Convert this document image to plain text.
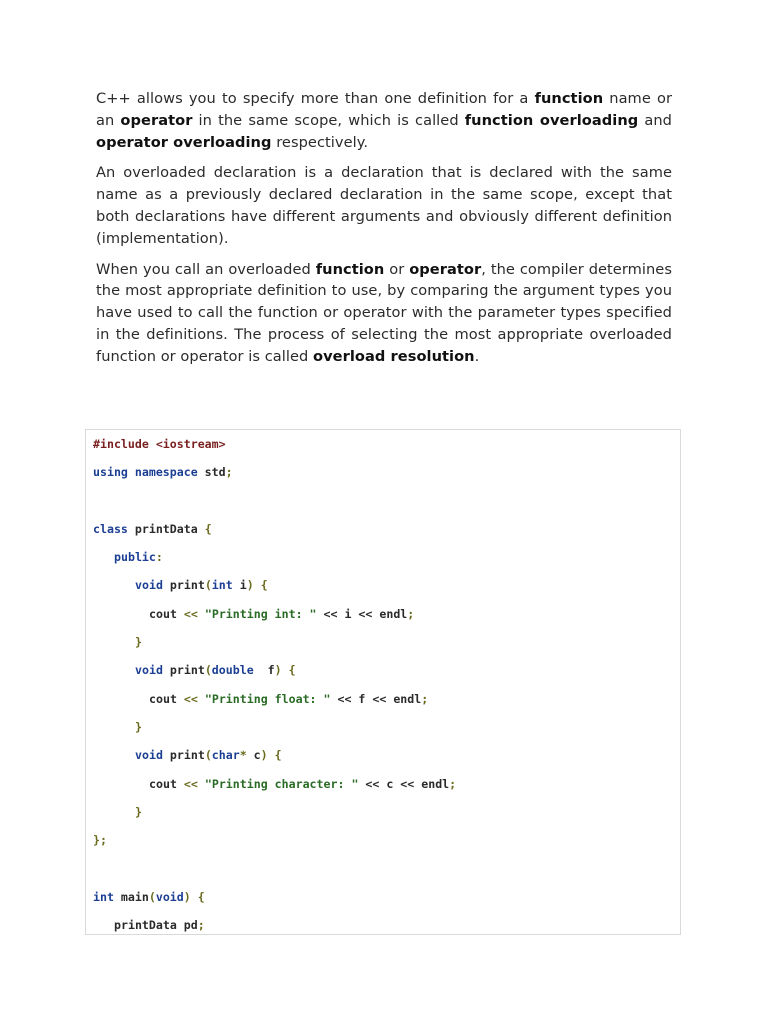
C++ allows you to specify more than one definition for a function name or an operator in the same scope, which is called function overloading and operator overloading respectively.

An overloaded declaration is a declaration that is declared with the same name as a previously declared declaration in the same scope, except that both declarations have different arguments and obviously different definition (implementation).

When you call an overloaded function or operator, the compiler determines the most appropriate definition to use, by comparing the argument types you have used to call the function or operator with the parameter types specified in the definitions. The process of selecting the most appropriate overloaded function or operator is called overload resolution.

#include <iostream>
using namespace std;

class printData {
public:
void print(int i) {
cout << "Printing int: " << i << endl;
}
void print(double  f) {
cout << "Printing float: " << f << endl;
}
void print(char* c) {
cout << "Printing character: " << c << endl;
}
};

int main(void) {
printData pd;
